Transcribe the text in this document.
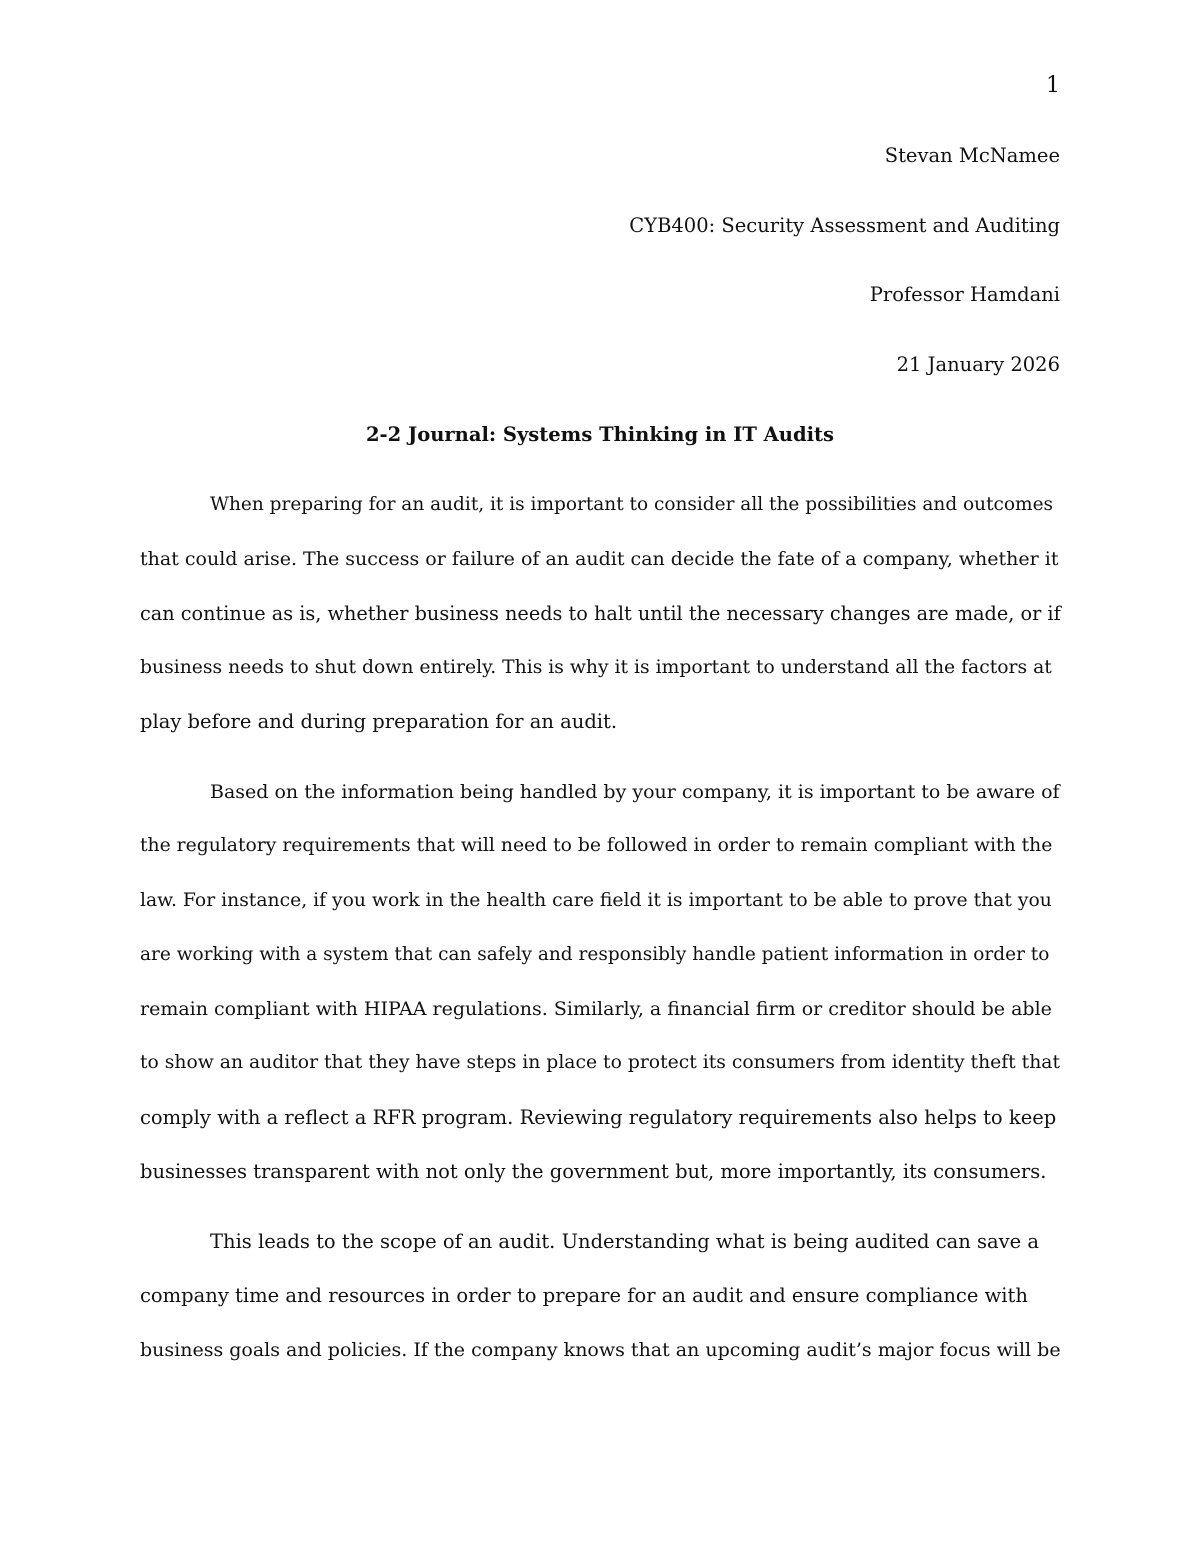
1
Stevan McNamee
CYB400: Security Assessment and Auditing
Professor Hamdani
21 January 2026
2-2 Journal: Systems Thinking in IT Audits
When preparing for an audit, it is important to consider all the possibilities and outcomes
that could arise. The success or failure of an audit can decide the fate of a company, whether it
can continue as is, whether business needs to halt until the necessary changes are made, or if
business needs to shut down entirely. This is why it is important to understand all the factors at
play before and during preparation for an audit.
Based on the information being handled by your company, it is important to be aware of
the regulatory requirements that will need to be followed in order to remain compliant with the
law. For instance, if you work in the health care field it is important to be able to prove that you
are working with a system that can safely and responsibly handle patient information in order to
remain compliant with HIPAA regulations. Similarly, a financial firm or creditor should be able
to show an auditor that they have steps in place to protect its consumers from identity theft that
comply with a reflect a RFR program. Reviewing regulatory requirements also helps to keep
businesses transparent with not only the government but, more importantly, its consumers.
This leads to the scope of an audit. Understanding what is being audited can save a
company time and resources in order to prepare for an audit and ensure compliance with
business goals and policies. If the company knows that an upcoming audit’s major focus will be
